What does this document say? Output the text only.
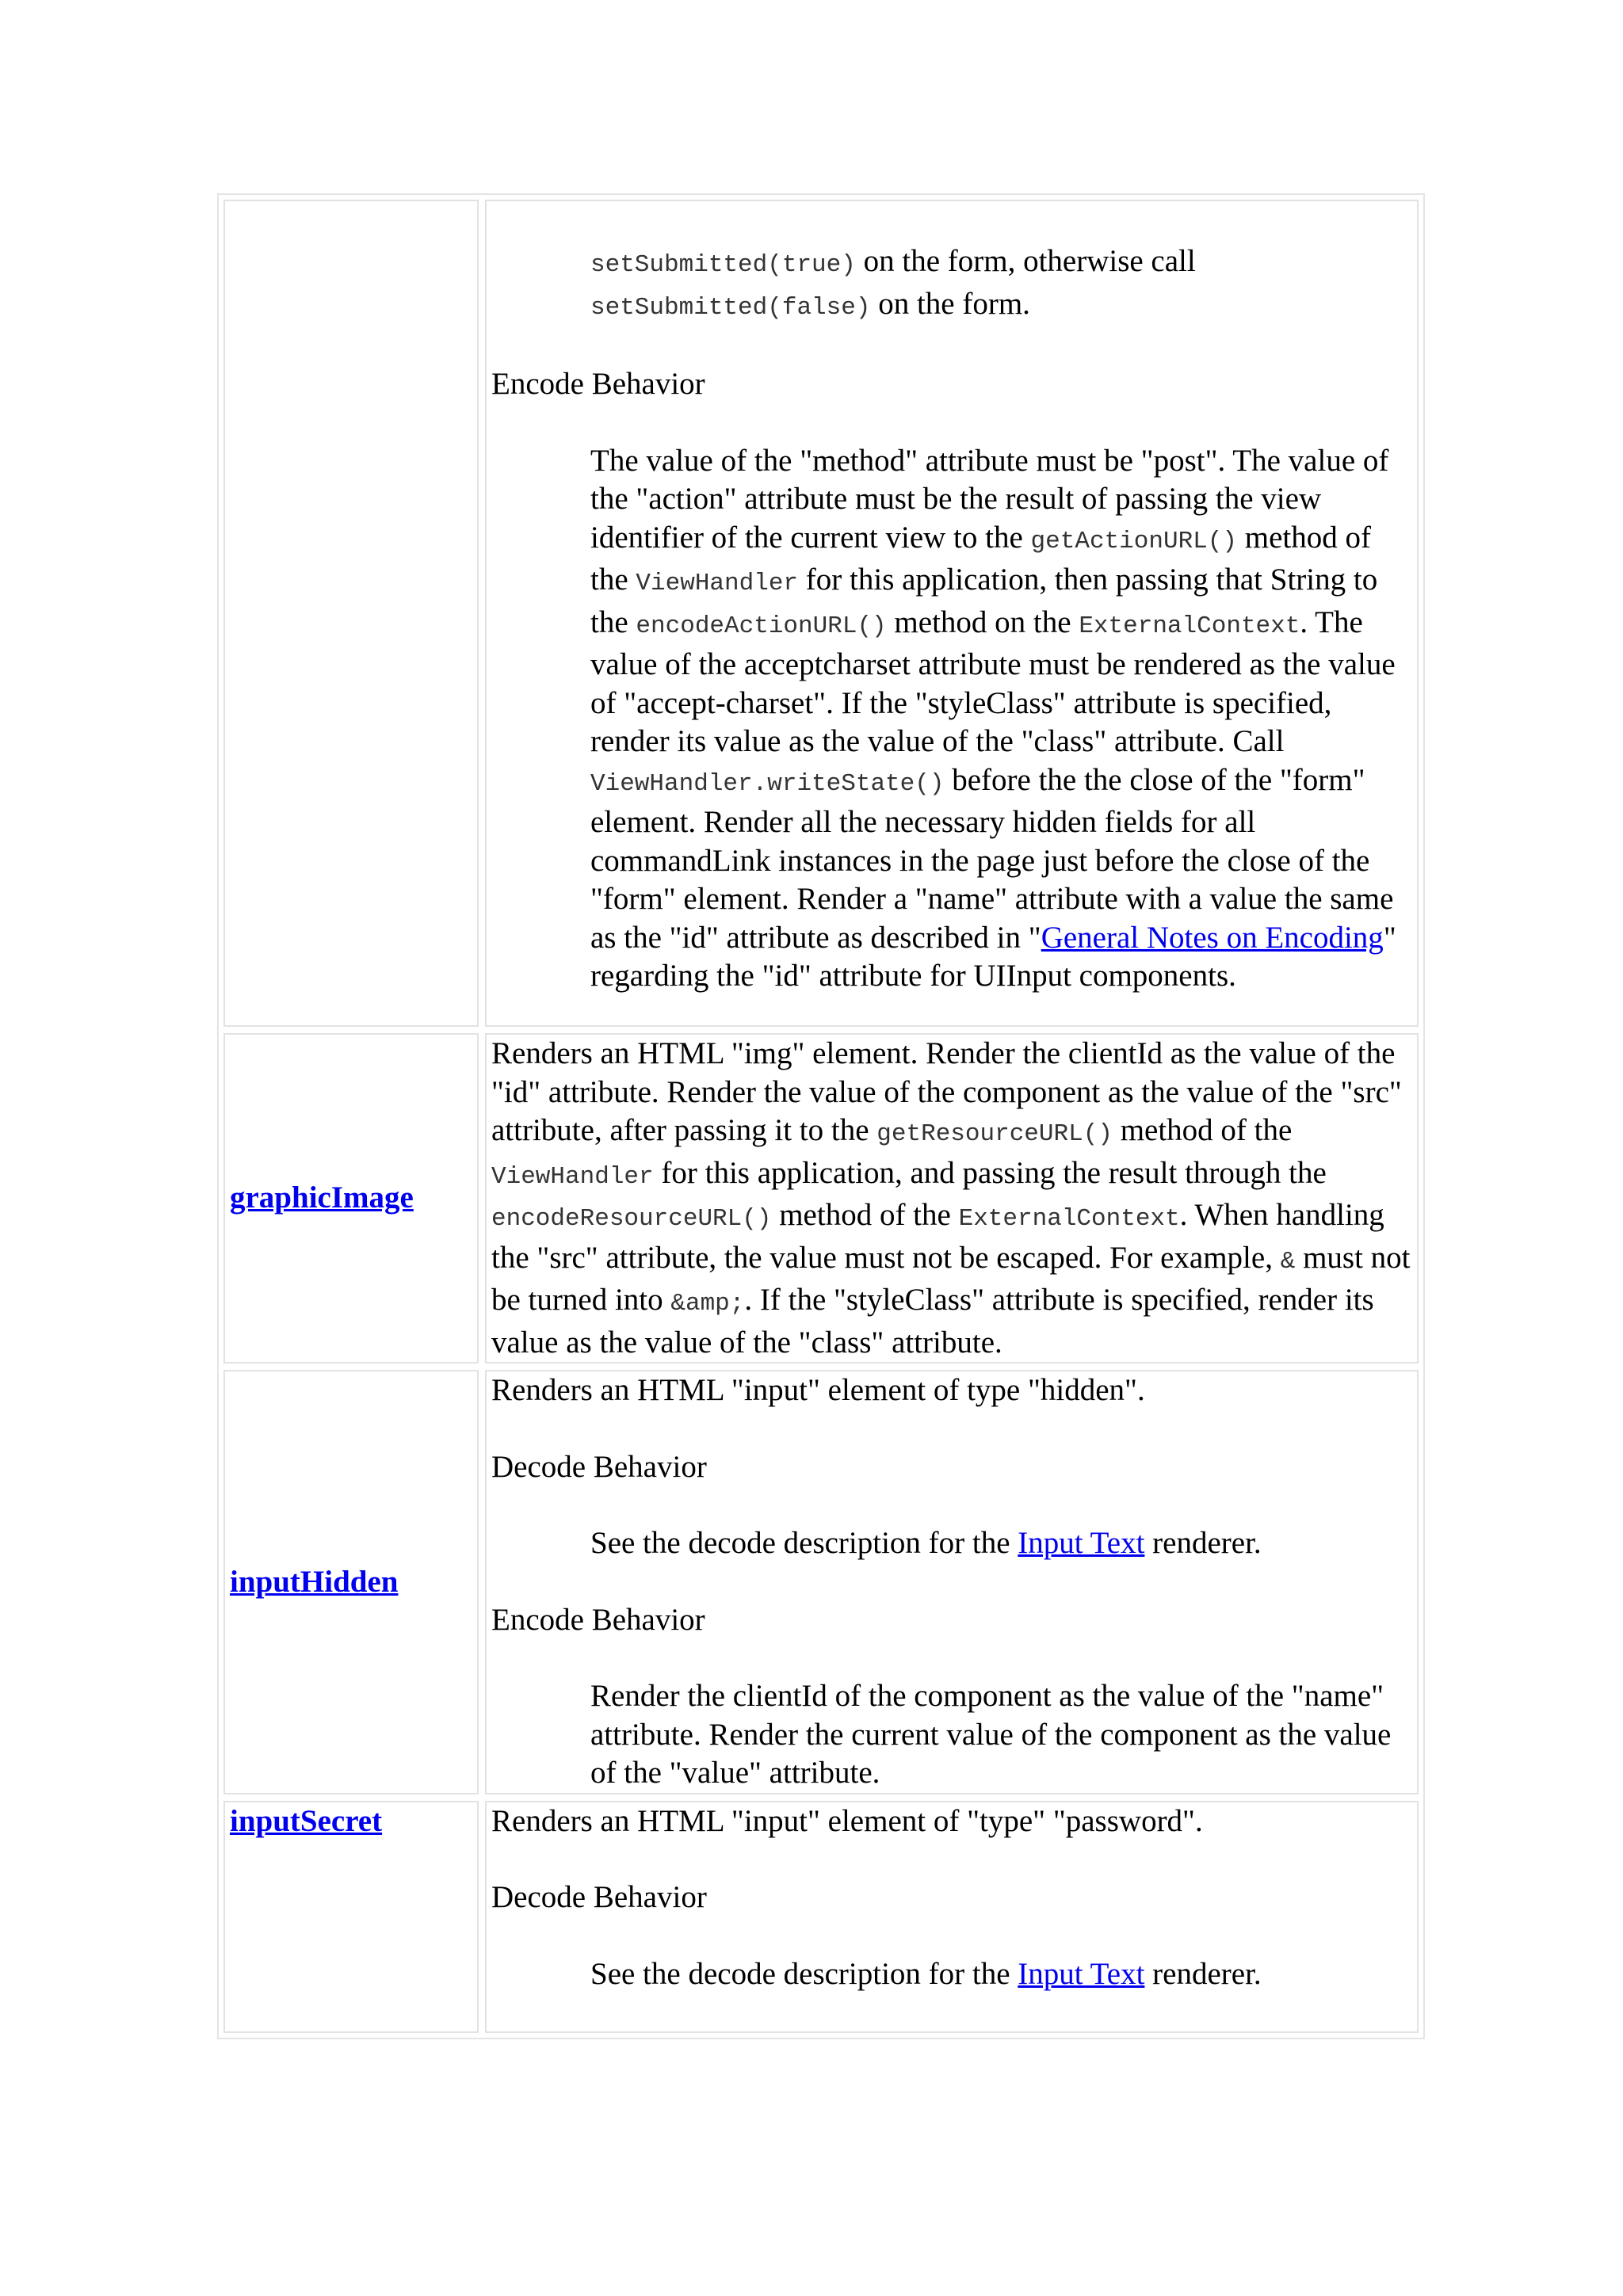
	setSubmitted(true) on the form, otherwise call
setSubmitted(false) on the form.

Encode Behavior

The value of the "method" attribute must be "post". The value of the "action" attribute must be the result of passing the view identifier of the current view to the getActionURL() method of the ViewHandler for this application, then passing that String to the encodeActionURL() method on the ExternalContext. The value of the acceptcharset attribute must be rendered as the value of "accept-charset". If the "styleClass" attribute is specified, render its value as the value of the "class" attribute. Call ViewHandler.writeState() before the the close of the "form" element. Render all the necessary hidden fields for all commandLink instances in the page just before the close of the "form" element. Render a "name" attribute with a value the same as the "id" attribute as described in "General Notes on Encoding" regarding the "id" attribute for UIInput components.

graphicImage	Renders an HTML "img" element. Render the clientId as the value of the "id" attribute. Render the value of the component as the value of the "src" attribute, after passing it to the getResourceURL() method of the ViewHandler for this application, and passing the result through the encodeResourceURL() method of the ExternalContext. When handling the "src" attribute, the value must not be escaped. For example, & must not be turned into &amp;. If the "styleClass" attribute is specified, render its value as the value of the "class" attribute.

inputHidden	Renders an HTML "input" element of type "hidden".

Decode Behavior

See the decode description for the Input Text renderer.

Encode Behavior

Render the clientId of the component as the value of the "name" attribute. Render the current value of the component as the value of the "value" attribute.

inputSecret	Renders an HTML "input" element of "type" "password".

Decode Behavior

See the decode description for the Input Text renderer.
